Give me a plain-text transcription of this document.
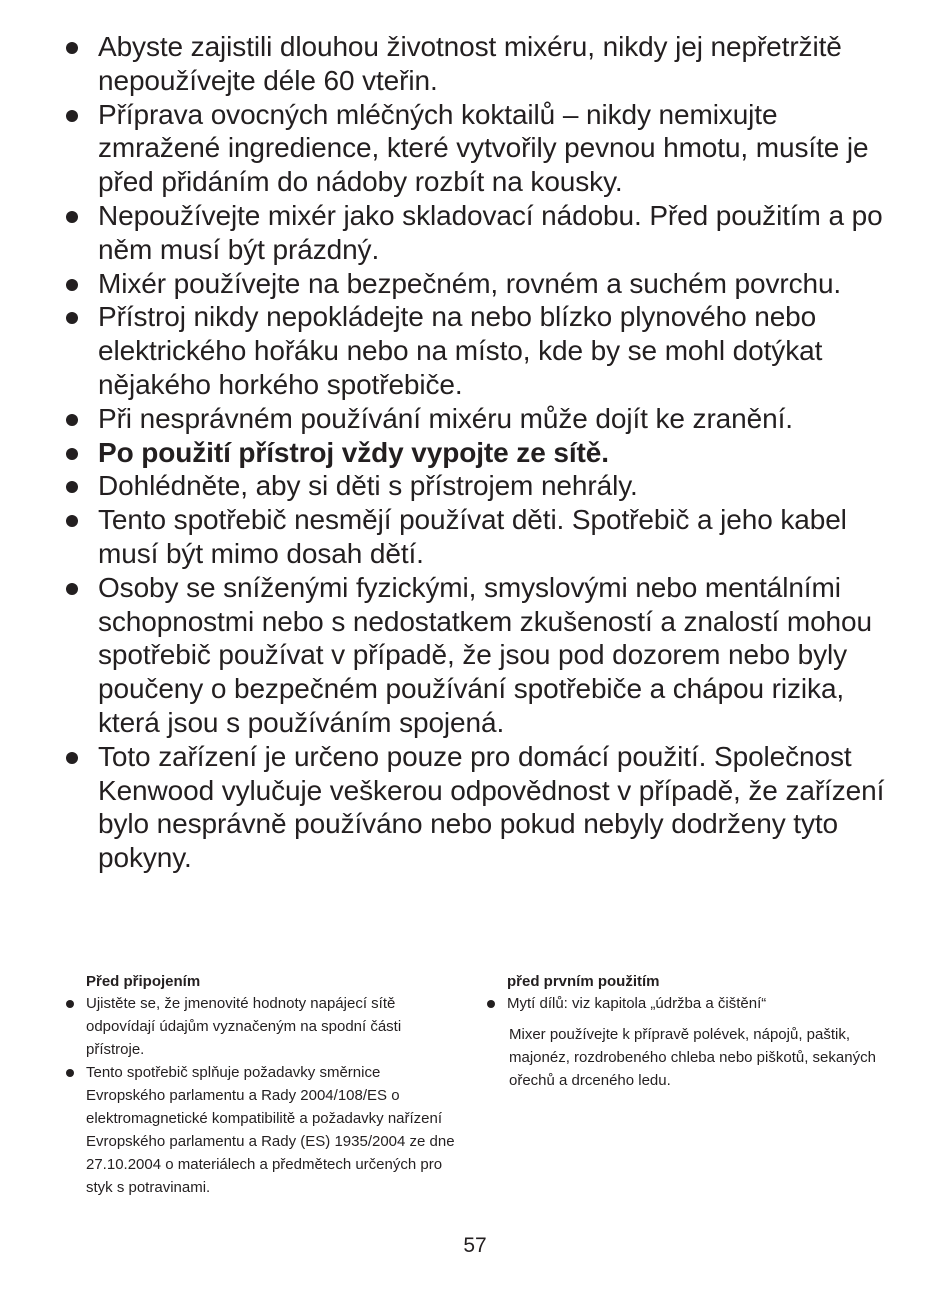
Abyste zajistili dlouhou životnost mixéru, nikdy jej nepřetržitě nepoužívejte déle 60 vteřin.
Příprava ovocných mléčných koktailů – nikdy nemixujte zmražené ingredience, které vytvořily pevnou hmotu, musíte je před přidáním do nádoby rozbít na kousky.
Nepoužívejte mixér jako skladovací nádobu. Před použitím a po něm musí být prázdný.
Mixér používejte na bezpečném, rovném a suchém povrchu.
Přístroj nikdy nepokládejte na nebo blízko plynového nebo elektrického hořáku nebo na místo, kde by se mohl dotýkat nějakého horkého spotřebiče.
Při nesprávném používání mixéru může dojít ke zranění.
Po použití přístroj vždy vypojte ze sítě.
Dohlédněte, aby si děti s přístrojem nehrály.
Tento spotřebič nesmějí používat děti. Spotřebič a jeho kabel musí být mimo dosah dětí.
Osoby se sníženými fyzickými, smyslovými nebo mentálními schopnostmi nebo s nedostatkem zkušeností a znalostí mohou spotřebič používat v případě, že jsou pod dozorem nebo byly poučeny o bezpečném používání spotřebiče a chápou rizika, která jsou s používáním spojená.
Toto zařízení je určeno pouze pro domácí použití. Společnost Kenwood vylučuje veškerou odpovědnost v případě, že zařízení bylo nesprávně používáno nebo pokud nebyly dodrženy tyto pokyny.
Před připojením
Ujistěte se, že jmenovité hodnoty napájecí sítě odpovídají údajům vyznačeným na spodní části přístroje.
Tento spotřebič splňuje požadavky směrnice Evropského parlamentu a Rady 2004/108/ES o elektromagnetické kompatibilitě a požadavky nařízení Evropského parlamentu a Rady (ES) 1935/2004 ze dne 27.10.2004 o materiálech a předmětech určených pro styk s potravinami.
před prvním použitím
Mytí dílů: viz kapitola „údržba a čištění“

Mixer používejte k přípravě polévek, nápojů, paštik, majonéz, rozdrobeného chleba nebo piškotů, sekaných ořechů a drceného ledu.

57
